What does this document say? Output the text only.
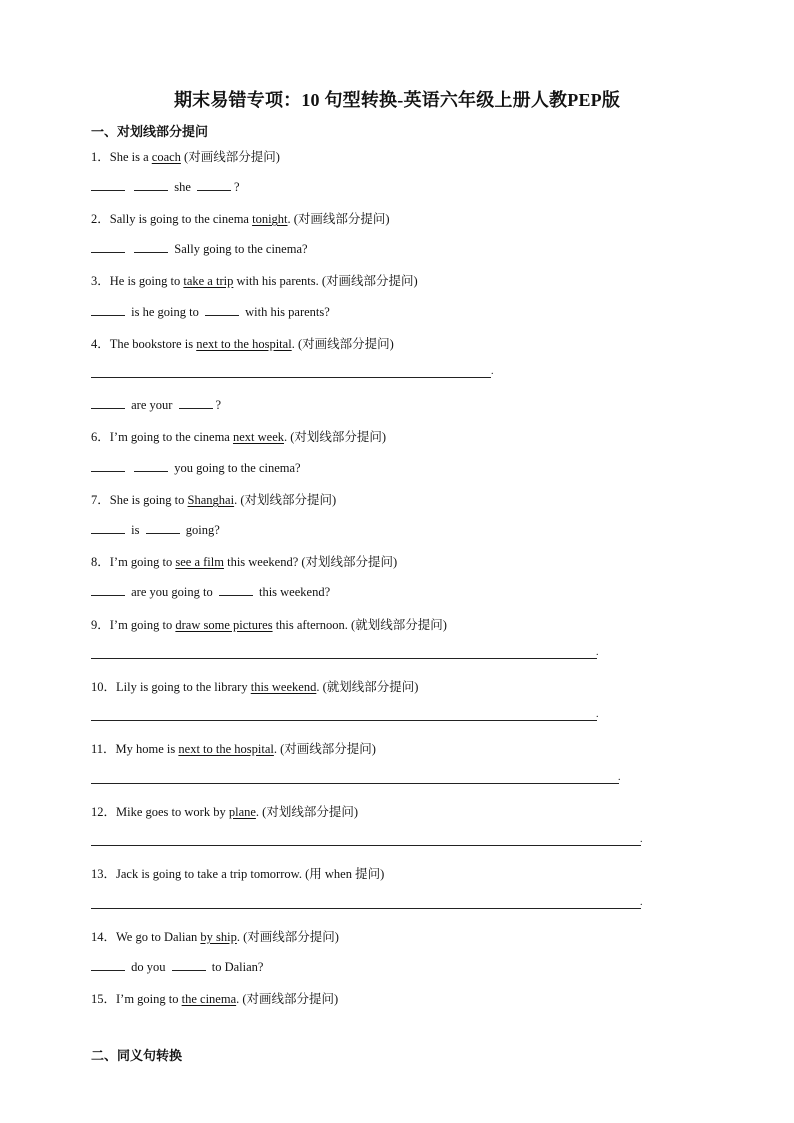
期末易错专项：10 句型转换-英语六年级上册人教PEP版
一、对划线部分提问
1．She is a coach (对画线部分提问)
she	?
2．Sally is going to the cinema tonight. (对画线部分提问)
Sally going to the cinema?
3．He is going to take a trip with his parents. (对画线部分提问)
is he going to	with his parents?
4．The bookstore is next to the hospital. (对画线部分提问)
.
are your	?
6．I’m going to the cinema next week. (对划线部分提问)
you going to the cinema?
7．She is going to Shanghai. (对划线部分提问)
is	going?
8．I’m going to see a film this weekend? (对划线部分提问)
are you going to	this weekend?
9．I’m going to draw some pictures this afternoon. (就划线部分提问)
.
10．Lily is going to the library this weekend. (就划线部分提问)
.
11．My home is next to the hospital. (对画线部分提问)
.
12．Mike goes to work by plane. (对划线部分提问)
.
13．Jack is going to take a trip tomorrow. (用 when 提问)
.
14．We go to Dalian by ship. (对画线部分提问)
do you	to Dalian?
15．I’m going to the cinema. (对画线部分提问)
二、同义句转换
